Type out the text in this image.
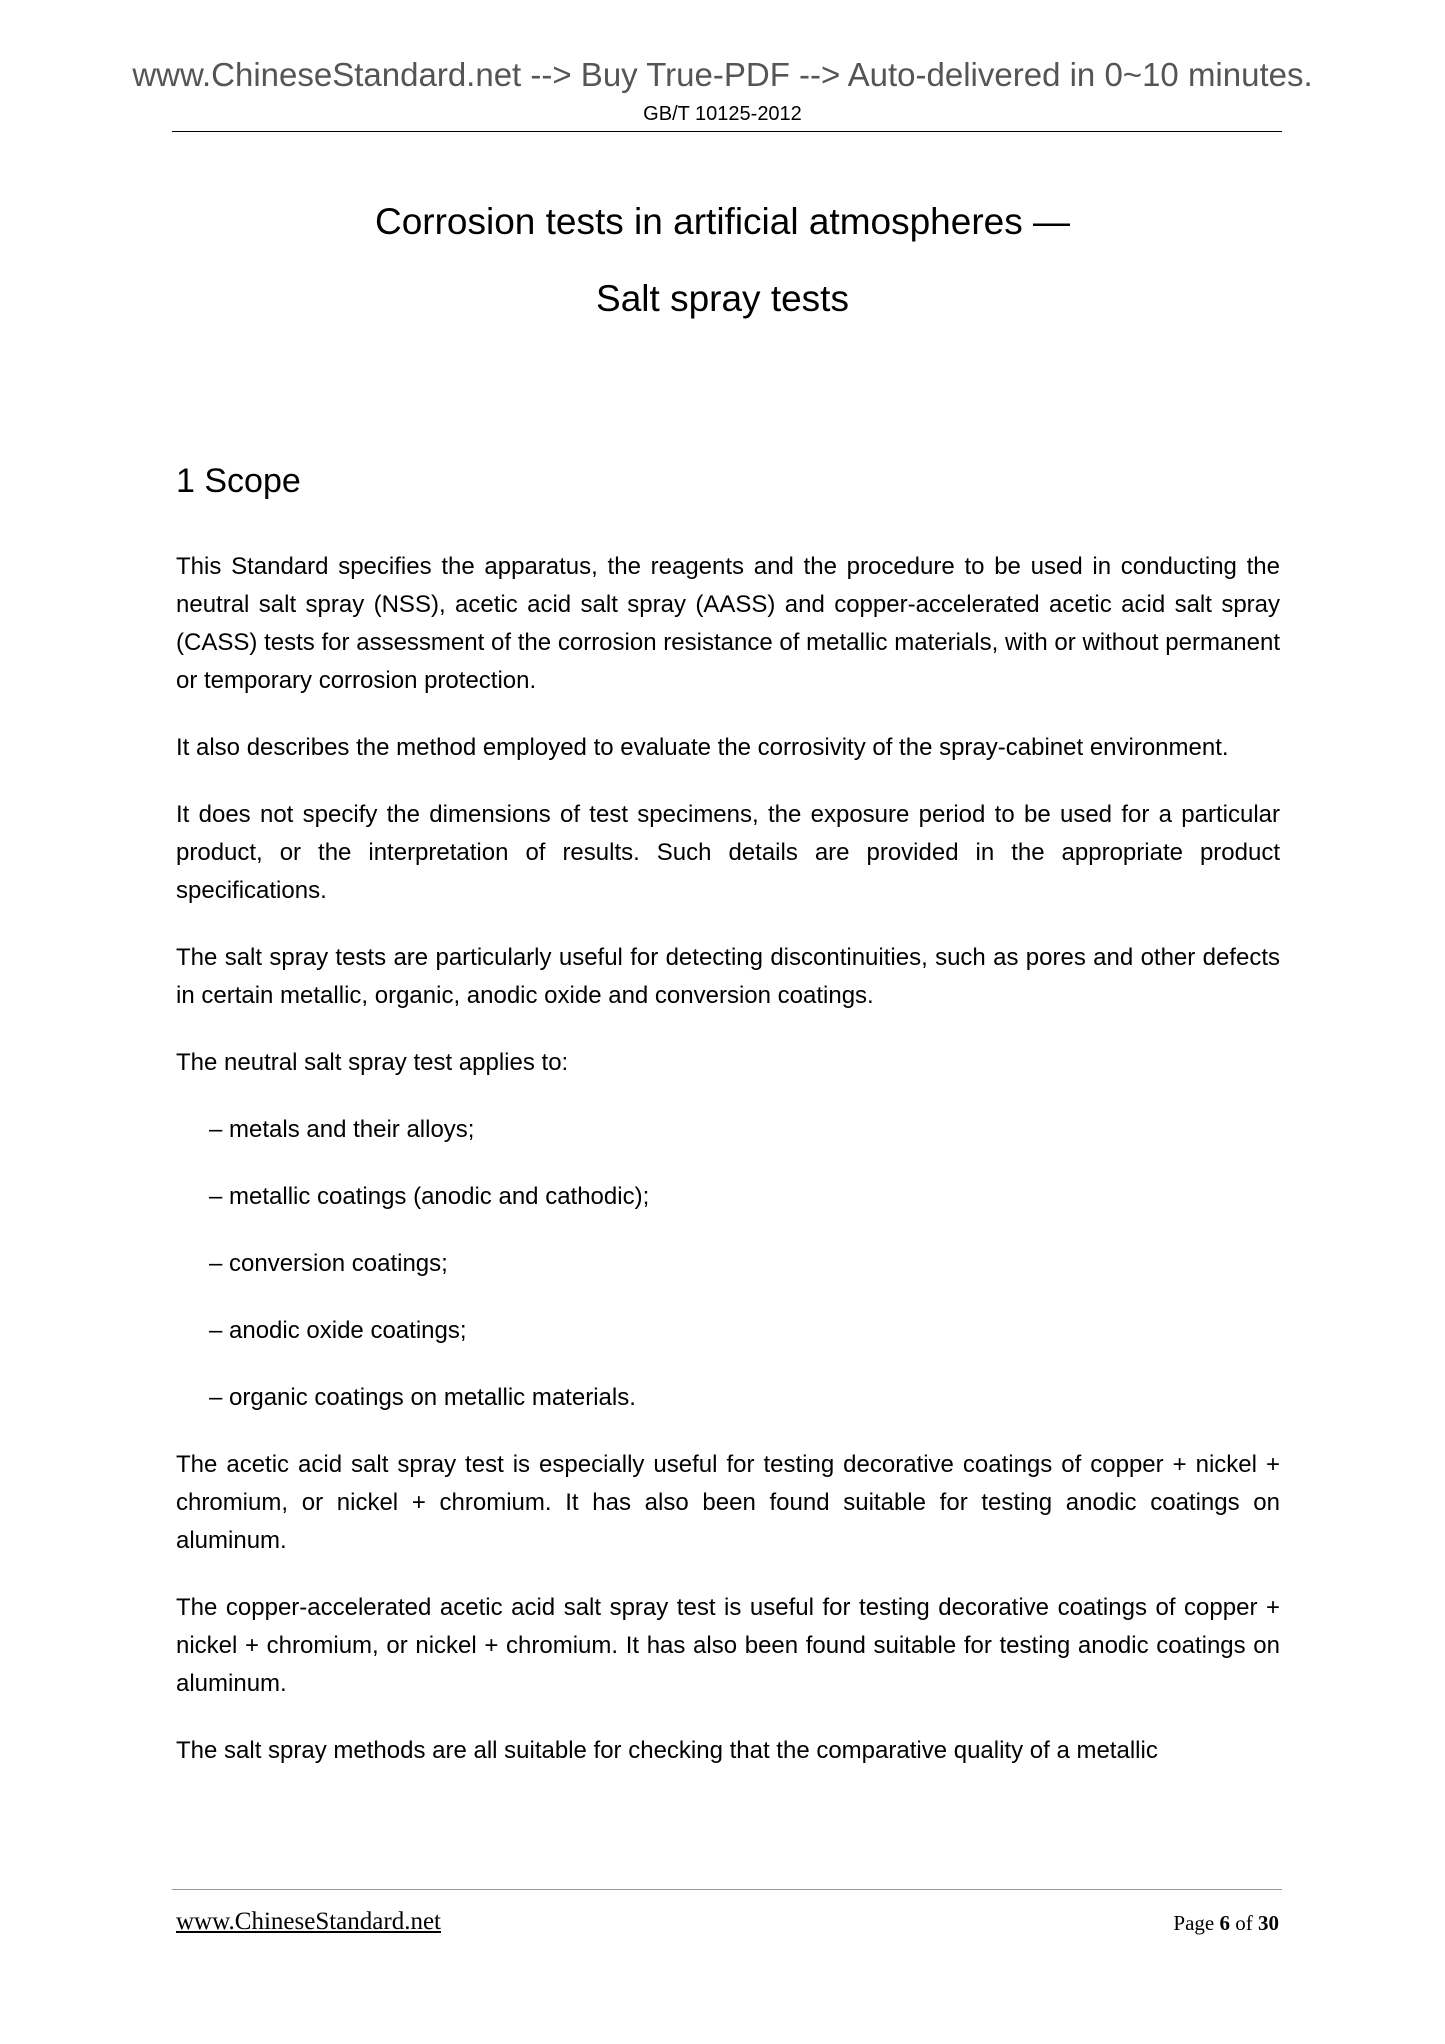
www.ChineseStandard.net --> Buy True-PDF --> Auto-delivered in 0~10 minutes.
GB/T 10125-2012
Corrosion tests in artificial atmospheres —
Salt spray tests
1 Scope

This Standard specifies the apparatus, the reagents and the procedure to be used in conducting the neutral salt spray (NSS), acetic acid salt spray (AASS) and copper-accelerated acetic acid salt spray (CASS) tests for assessment of the corrosion resistance of metallic materials, with or without permanent or temporary corrosion protection.

It also describes the method employed to evaluate the corrosivity of the spray-cabinet environment.

It does not specify the dimensions of test specimens, the exposure period to be used for a particular product, or the interpretation of results. Such details are provided in the appropriate product specifications.

The salt spray tests are particularly useful for detecting discontinuities, such as pores and other defects in certain metallic, organic, anodic oxide and conversion coatings.

The neutral salt spray test applies to:

– metals and their alloys;

– metallic coatings (anodic and cathodic);

– conversion coatings;

– anodic oxide coatings;

– organic coatings on metallic materials.

The acetic acid salt spray test is especially useful for testing decorative coatings of copper + nickel + chromium, or nickel + chromium. It has also been found suitable for testing anodic coatings on aluminum.

The copper-accelerated acetic acid salt spray test is useful for testing decorative coatings of copper + nickel + chromium, or nickel + chromium. It has also been found suitable for testing anodic coatings on aluminum.

The salt spray methods are all suitable for checking that the comparative quality of a metallic

www.ChineseStandard.net	Page 6 of 30
